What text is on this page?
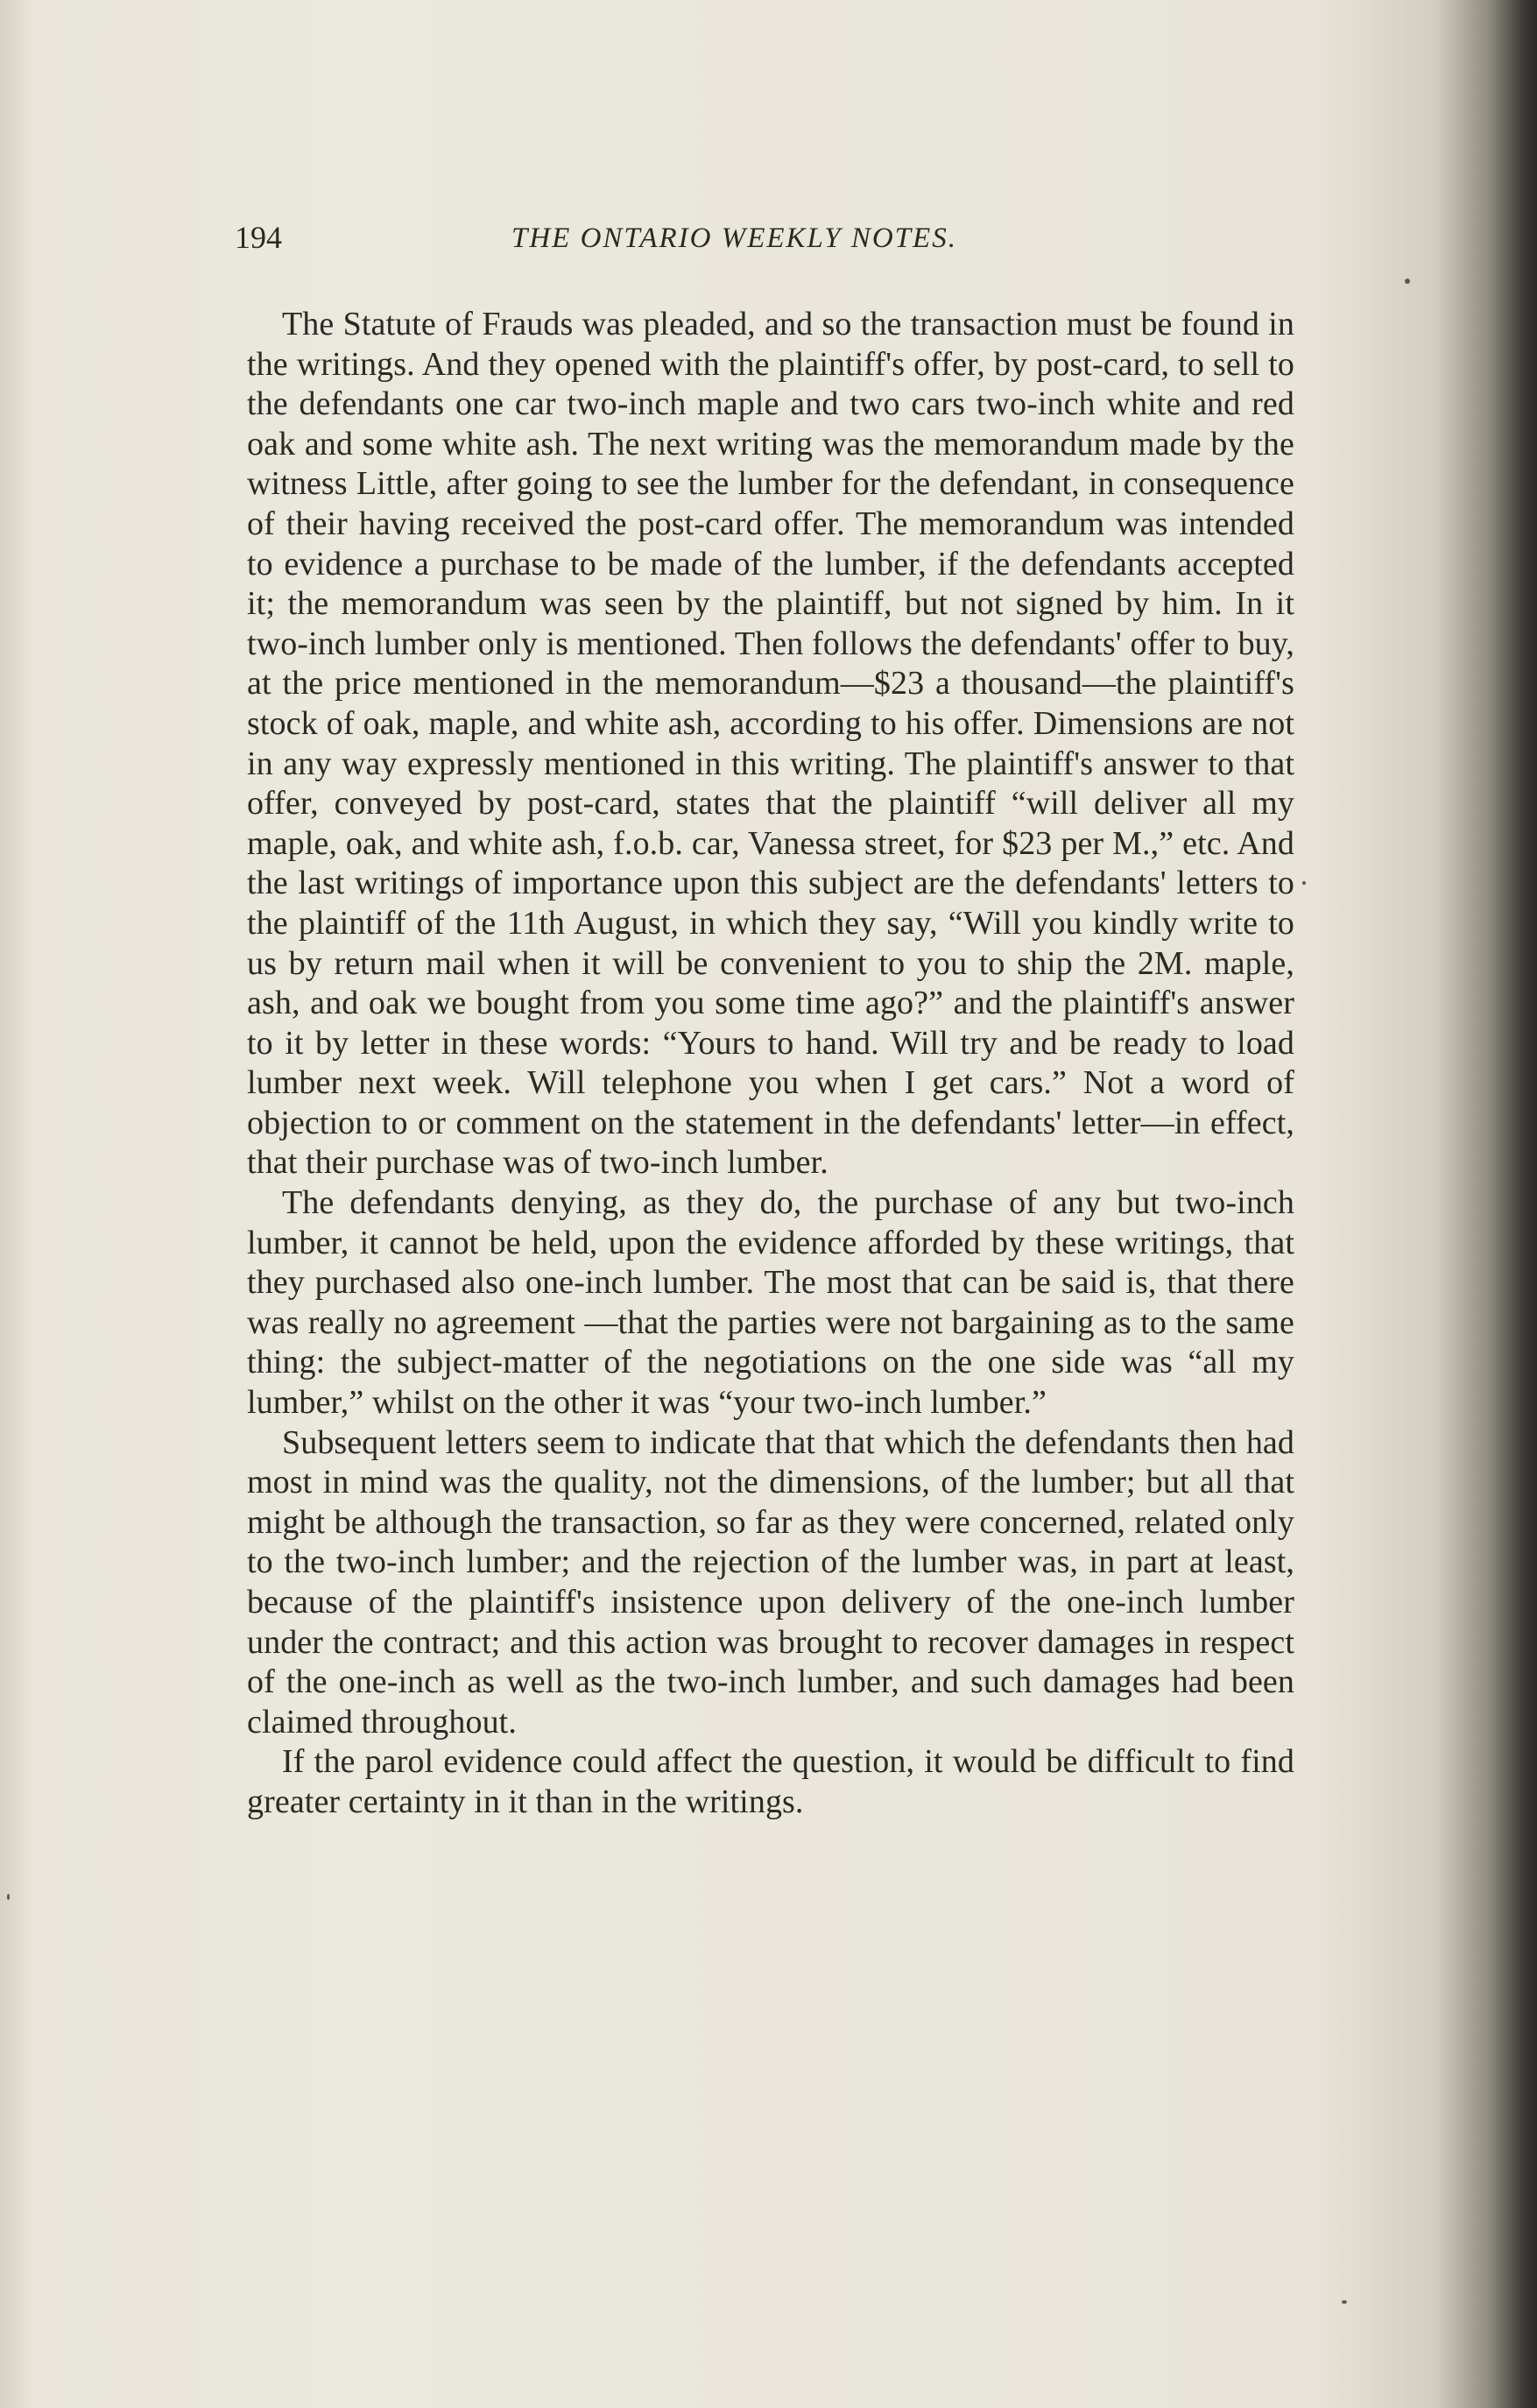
194	THE ONTARIO WEEKLY NOTES.

The Statute of Frauds was pleaded, and so the transaction must be found in the writings. And they opened with the plaintiff's offer, by post-card, to sell to the defendants one car two-inch maple and two cars two-inch white and red oak and some white ash. The next writing was the memorandum made by the witness Little, after going to see the lumber for the defendant, in consequence of their having received the post-card offer. The memorandum was intended to evidence a purchase to be made of the lumber, if the defendants accepted it; the memorandum was seen by the plaintiff, but not signed by him. In it two-inch lumber only is mentioned. Then follows the defendants' offer to buy, at the price mentioned in the memorandum—$23 a thousand—the plaintiff's stock of oak, maple, and white ash, according to his offer. Dimensions are not in any way expressly mentioned in this writing. The plaintiff's answer to that offer, conveyed by post-card, states that the plaintiff “will deliver all my maple, oak, and white ash, f.o.b. car, Vanessa street, for $23 per M.,” etc. And the last writings of importance upon this subject are the defendants' letters to the plaintiff of the 11th August, in which they say, “Will you kindly write to us by return mail when it will be convenient to you to ship the 2M. maple, ash, and oak we bought from you some time ago?” and the plaintiff's answer to it by letter in these words: “Yours to hand. Will try and be ready to load lumber next week. Will telephone you when I get cars.” Not a word of objection to or comment on the statement in the defendants' letter—in effect, that their purchase was of two-inch lumber.

The defendants denying, as they do, the purchase of any but two-inch lumber, it cannot be held, upon the evidence afforded by these writings, that they purchased also one-inch lumber. The most that can be said is, that there was really no agreement —that the parties were not bargaining as to the same thing: the subject-matter of the negotiations on the one side was “all my lumber,” whilst on the other it was “your two-inch lumber.”

Subsequent letters seem to indicate that that which the defendants then had most in mind was the quality, not the dimensions, of the lumber; but all that might be although the transaction, so far as they were concerned, related only to the two-inch lumber; and the rejection of the lumber was, in part at least, because of the plaintiff's insistence upon delivery of the one-inch lumber under the contract; and this action was brought to recover damages in respect of the one-inch as well as the two-inch lumber, and such damages had been claimed throughout.

If the parol evidence could affect the question, it would be difficult to find greater certainty in it than in the writings.
